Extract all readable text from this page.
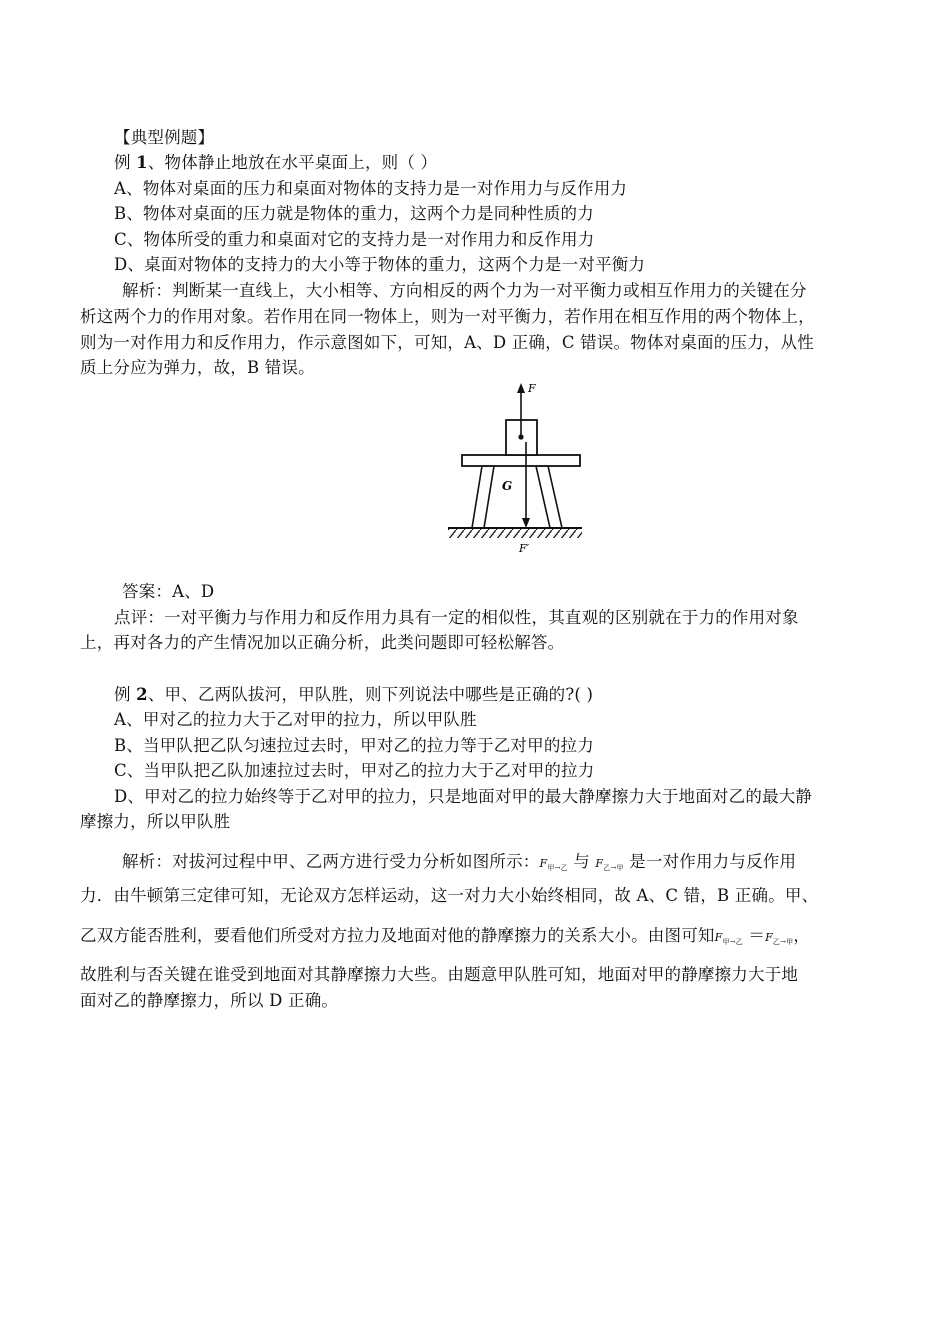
【典型例题】
例 1、物体静止地放在水平桌面上，则（ ）
A、物体对桌面的压力和桌面对物体的支持力是一对作用力与反作用力
B、物体对桌面的压力就是物体的重力，这两个力是同种性质的力
C、物体所受的重力和桌面对它的支持力是一对作用力和反作用力
D、桌面对物体的支持力的大小等于物体的重力，这两个力是一对平衡力
解析：判断某一直线上，大小相等、方向相反的两个力为一对平衡力或相互作用力的关键在分
析这两个力的作用对象。若作用在同一物体上，则为一对平衡力，若作用在相互作用的两个物体上，
则为一对作用力和反作用力，作示意图如下，可知，A、D 正确，C 错误。物体对桌面的压力，从性
质上分应为弹力，故，B 错误。
F
G
F′
答案：A、D
点评：一对平衡力与作用力和反作用力具有一定的相似性，其直观的区别就在于力的作用对象
上，再对各力的产生情况加以正确分析，此类问题即可轻松解答。
例 2、甲、乙两队拔河，甲队胜，则下列说法中哪些是正确的?( )
A、甲对乙的拉力大于乙对甲的拉力，所以甲队胜
B、当甲队把乙队匀速拉过去时，甲对乙的拉力等于乙对甲的拉力
C、当甲队把乙队加速拉过去时，甲对乙的拉力大于乙对甲的拉力
D、甲对乙的拉力始终等于乙对甲的拉力，只是地面对甲的最大静摩擦力大于地面对乙的最大静
摩擦力，所以甲队胜
解析：对拔河过程中甲、乙两方进行受力分析如图所示：$F_{甲\to 乙}$ 与 $F_{乙\to 甲}$ 是一对作用力与反作用
力．由牛顿第三定律可知，无论双方怎样运动，这一对力大小始终相同，故 A、C 错，B 正确。甲、
乙双方能否胜利，要看他们所受对方拉力及地面对他的静摩擦力的关系大小。由图可知$F_{甲\to 乙} =F_{乙\to 甲}$，
故胜利与否关键在谁受到地面对其静摩擦力大些。由题意甲队胜可知，地面对甲的静摩擦力大于地
面对乙的静摩擦力，所以 D 正确。
